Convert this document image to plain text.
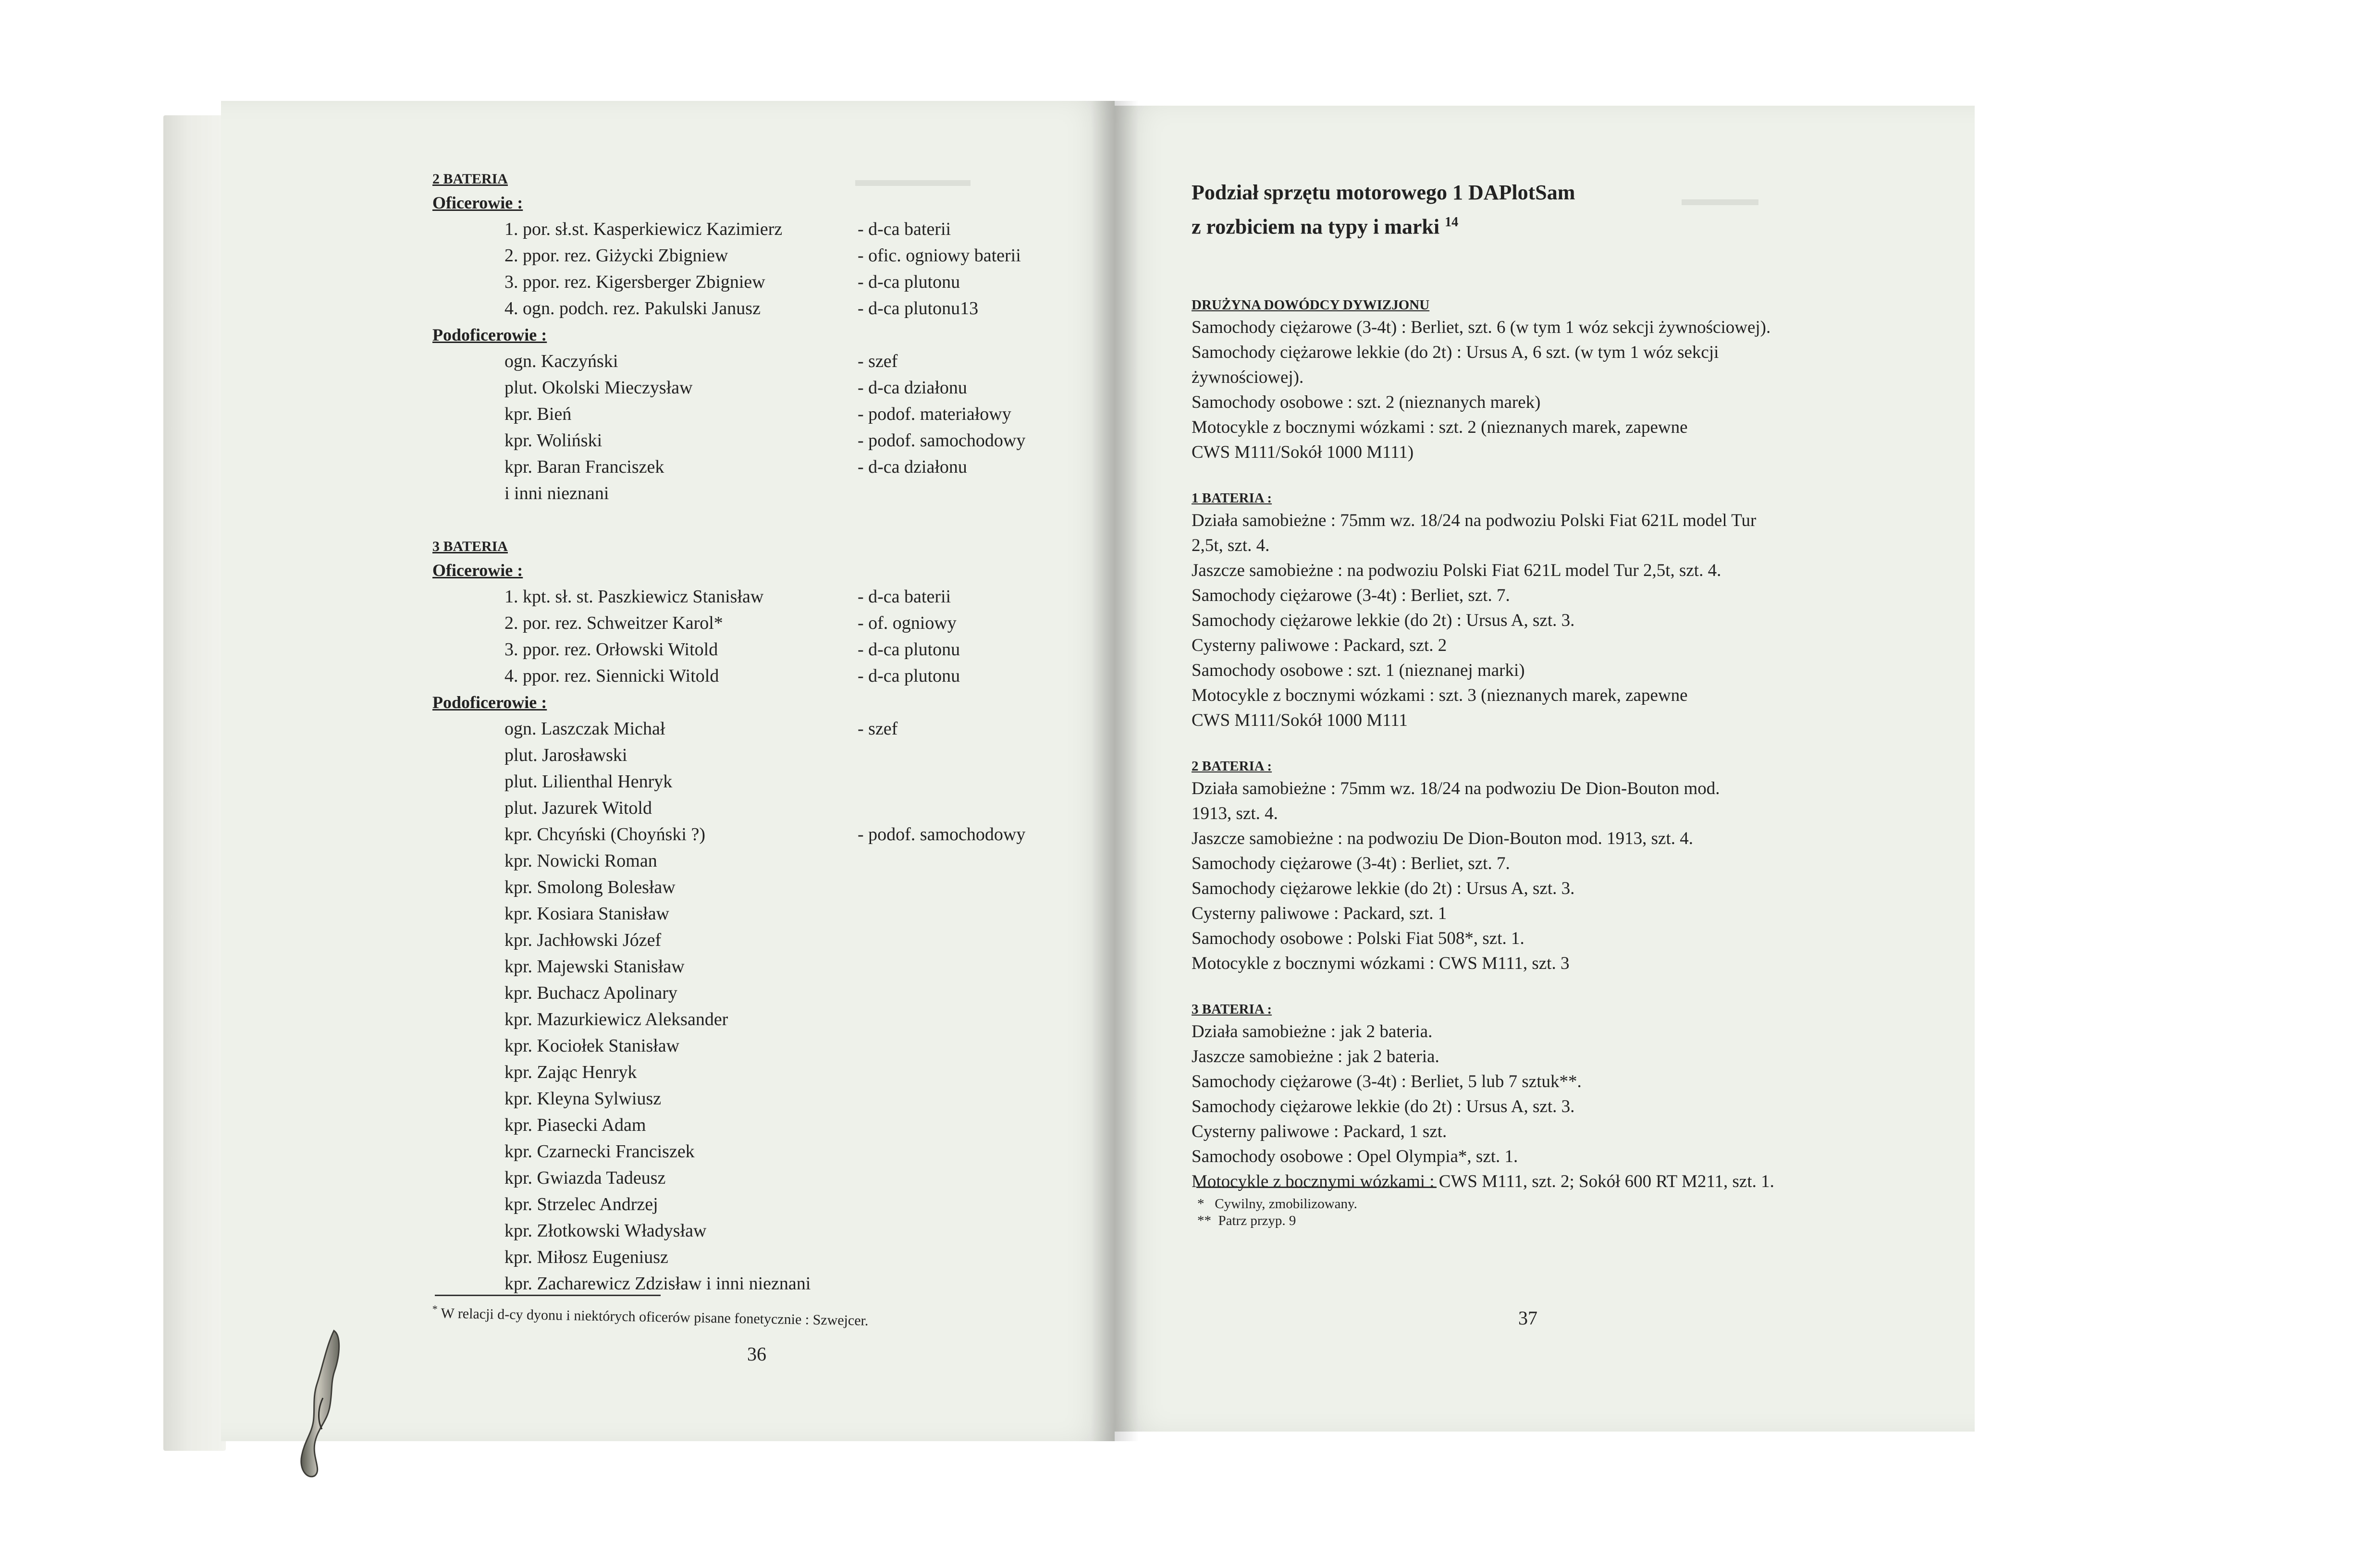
▬▬▬▬▬▬
▬▬▬▬
2 BATERIA
Oficerowie :
1. por. sł.st. Kasperkiewicz Kazimierz	- d-ca baterii
2. ppor. rez. Giżycki Zbigniew	- ofic. ogniowy baterii
3. ppor. rez. Kigersberger Zbigniew	- d-ca plutonu
4. ogn. podch. rez. Pakulski Janusz	- d-ca plutonu13
Podoficerowie :
ogn. Kaczyński	- szef
plut. Okolski Mieczysław	- d-ca działonu
kpr. Bień	- podof. materiałowy
kpr. Woliński	- podof. samochodowy
kpr. Baran Franciszek	- d-ca działonu
i inni nieznani
3 BATERIA
Oficerowie :
1. kpt. sł. st. Paszkiewicz Stanisław	- d-ca baterii
2. por. rez. Schweitzer Karol*	- of. ogniowy
3. ppor. rez. Orłowski Witold	- d-ca plutonu
4. ppor. rez. Siennicki Witold	- d-ca plutonu
Podoficerowie :
ogn. Laszczak Michał	- szef
plut. Jarosławski
plut. Lilienthal Henryk
plut. Jazurek Witold
kpr. Chcyński (Choyński ?)	- podof. samochodowy
kpr. Nowicki Roman
kpr. Smolong Bolesław
kpr. Kosiara Stanisław
kpr. Jachłowski Józef
kpr. Majewski Stanisław
kpr. Buchacz Apolinary
kpr. Mazurkiewicz Aleksander
kpr. Kociołek Stanisław
kpr. Zając Henryk
kpr. Kleyna Sylwiusz
kpr. Piasecki Adam
kpr. Czarnecki Franciszek
kpr. Gwiazda Tadeusz
kpr. Strzelec Andrzej
kpr. Złotkowski Władysław
kpr. Miłosz Eugeniusz
kpr. Zacharewicz Zdzisław i inni nieznani
* W relacji d-cy dyonu i niektórych oficerów pisane fonetycznie : Szwejcer.
36
Podział sprzętu motorowego 1 DAPlotSam
z rozbiciem na typy i marki $^{14}$
DRUŻYNA DOWÓDCY DYWIZJONU
Samochody ciężarowe (3-4t) : Berliet, szt. 6 (w tym 1 wóz sekcji żywnościowej).
Samochody ciężarowe lekkie (do 2t) : Ursus A, 6 szt. (w tym 1 wóz sekcji
żywnościowej).
Samochody osobowe : szt. 2 (nieznanych marek)
Motocykle z bocznymi wózkami : szt. 2 (nieznanych marek, zapewne
CWS M111/Sokół 1000 M111)
1 BATERIA :
Działa samobieżne : 75mm wz. 18/24 na podwoziu Polski Fiat 621L model Tur
2,5t, szt. 4.
Jaszcze samobieżne : na podwoziu Polski Fiat 621L model Tur 2,5t, szt. 4.
Samochody ciężarowe (3-4t) : Berliet, szt. 7.
Samochody ciężarowe lekkie (do 2t) : Ursus A, szt. 3.
Cysterny paliwowe : Packard, szt. 2
Samochody osobowe : szt. 1 (nieznanej marki)
Motocykle z bocznymi wózkami : szt. 3 (nieznanych marek, zapewne
CWS M111/Sokół 1000 M111
2 BATERIA :
Działa samobieżne : 75mm wz. 18/24 na podwoziu De Dion-Bouton mod.
1913, szt. 4.
Jaszcze samobieżne : na podwoziu De Dion-Bouton mod. 1913, szt. 4.
Samochody ciężarowe (3-4t) : Berliet, szt. 7.
Samochody ciężarowe lekkie (do 2t) : Ursus A, szt. 3.
Cysterny paliwowe : Packard, szt. 1
Samochody osobowe : Polski Fiat 508*, szt. 1.
Motocykle z bocznymi wózkami : CWS M111, szt. 3
3 BATERIA :
Działa samobieżne : jak 2 bateria.
Jaszcze samobieżne : jak 2 bateria.
Samochody ciężarowe (3-4t) : Berliet, 5 lub 7 sztuk**.
Samochody ciężarowe lekkie (do 2t) : Ursus A, szt. 3.
Cysterny paliwowe : Packard, 1 szt.
Samochody osobowe : Opel Olympia*, szt. 1.
Motocykle z bocznymi wózkami : CWS M111, szt. 2; Sokół 600 RT M211, szt. 1.
* Cywilny, zmobilizowany.
** Patrz przyp. 9
37
